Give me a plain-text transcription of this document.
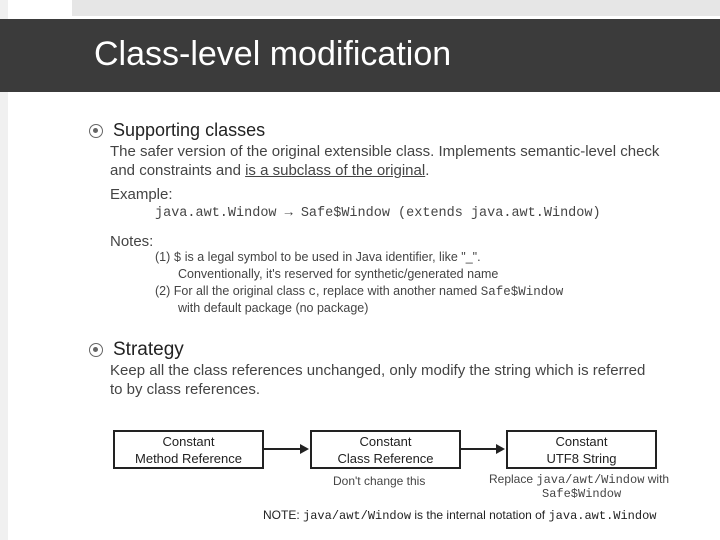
Class-level modification
Supporting classes
The safer version of the original extensible class. Implements semantic-level check
and constraints and is a subclass of the original.
Example:
java.awt.Window → Safe$Window (extends java.awt.Window)
Notes:
(1) $ is a legal symbol to be used in Java identifier, like "_".
Conventionally, it's reserved for synthetic/generated name
(2) For all the original class c, replace with another named Safe$Window
with default package (no package)
Strategy
Keep all the class references unchanged, only modify the string which is referred
to by class references.
Constant
Method Reference
Constant
Class Reference
Constant
UTF8 String
Don't change this	Replace java/awt/Window with
Safe$Window
NOTE: java/awt/Window is the internal notation of java.awt.Window
